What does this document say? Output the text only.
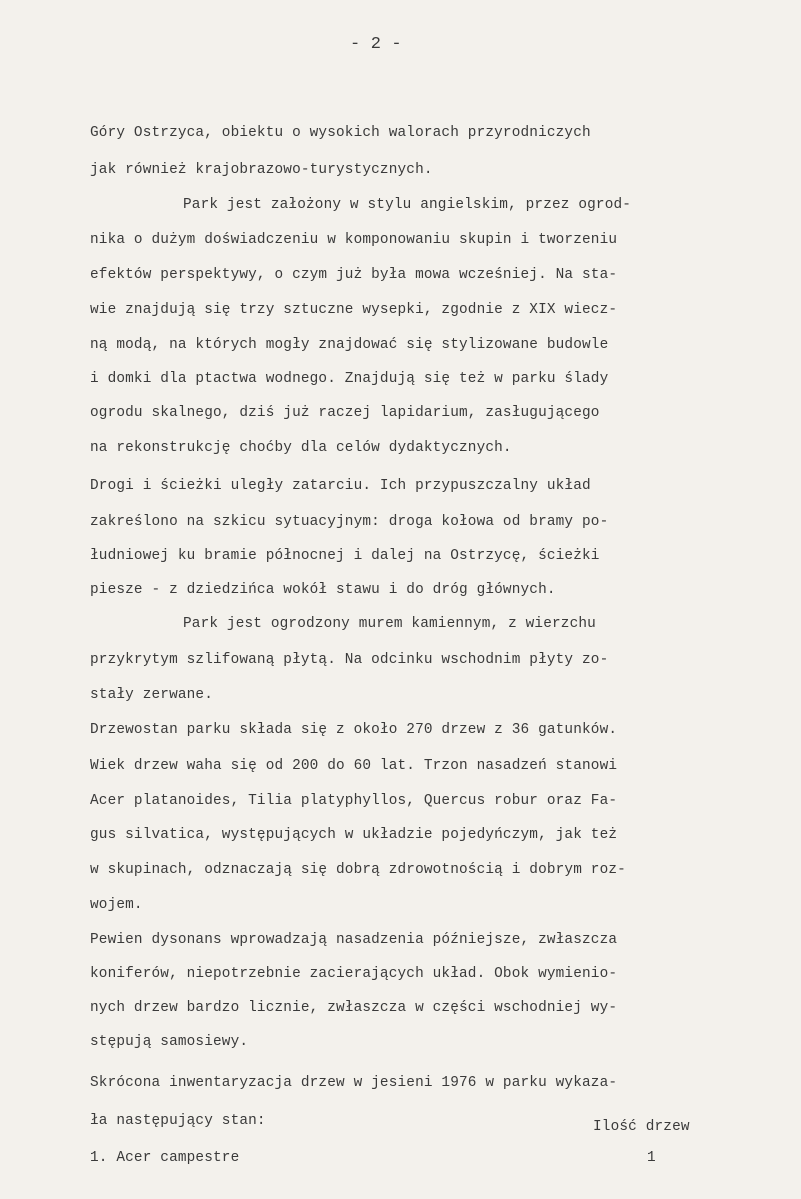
- 2 -
Góry Ostrzyca, obiektu o wysokich walorach przyrodniczych
jak również krajobrazowo-turystycznych.
Park jest założony w stylu angielskim, przez ogrod-
nika o dużym doświadczeniu w komponowaniu skupin i tworzeniu
efektów perspektywy, o czym już była mowa wcześniej. Na sta-
wie znajdują się trzy sztuczne wysepki, zgodnie z XIX wiecz-
ną modą, na których mogły znajdować się stylizowane budowle
i domki dla ptactwa wodnego. Znajdują się też w parku ślady
ogrodu skalnego, dziś już raczej lapidarium, zasługującego
na rekonstrukcję choćby dla celów dydaktycznych.
Drogi i ścieżki uległy zatarciu. Ich przypuszczalny układ
zakreślono na szkicu sytuacyjnym: droga kołowa od bramy po-
łudniowej ku bramie północnej i dalej na Ostrzycę, ścieżki
piesze - z dziedzińca wokół stawu i do dróg głównych.
Park jest ogrodzony murem kamiennym, z wierzchu
przykrytym szlifowaną płytą. Na odcinku wschodnim płyty zo-
stały zerwane.
Drzewostan parku składa się z około 270 drzew z 36 gatunków.
Wiek drzew waha się od 200 do 60 lat. Trzon nasadzeń stanowi
Acer platanoides, Tilia platyphyllos, Quercus robur oraz Fa-
gus silvatica, występujących w układzie pojedyńczym, jak też
w skupinach, odznaczają się dobrą zdrowotnością i dobrym roz-
wojem.
Pewien dysonans wprowadzają nasadzenia późniejsze, zwłaszcza
koniferów, niepotrzebnie zacierających układ. Obok wymienio-
nych drzew bardzo licznie, zwłaszcza w części wschodniej wy-
stępują samosiewy.
Skrócona inwentaryzacja drzew w jesieni 1976 w parku wykaza-
ła następujący stan:	Ilość drzew
1. Acer campestre	1
